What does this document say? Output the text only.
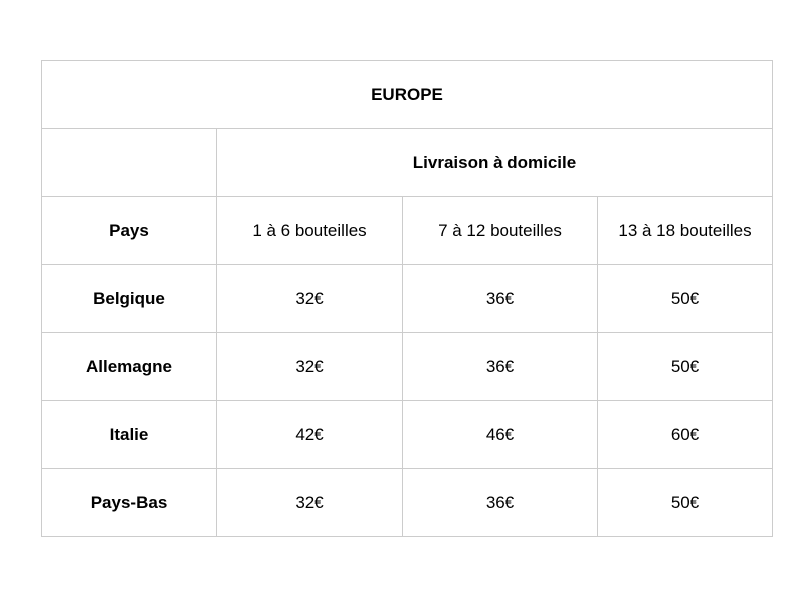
EUROPE			
	Livraison à domicile		
Pays	1 à 6 bouteilles	7 à 12 bouteilles	13 à 18 bouteilles
Belgique	32€	36€	50€
Allemagne	32€	36€	50€
Italie	42€	46€	60€
Pays-Bas	32€	36€	50€
